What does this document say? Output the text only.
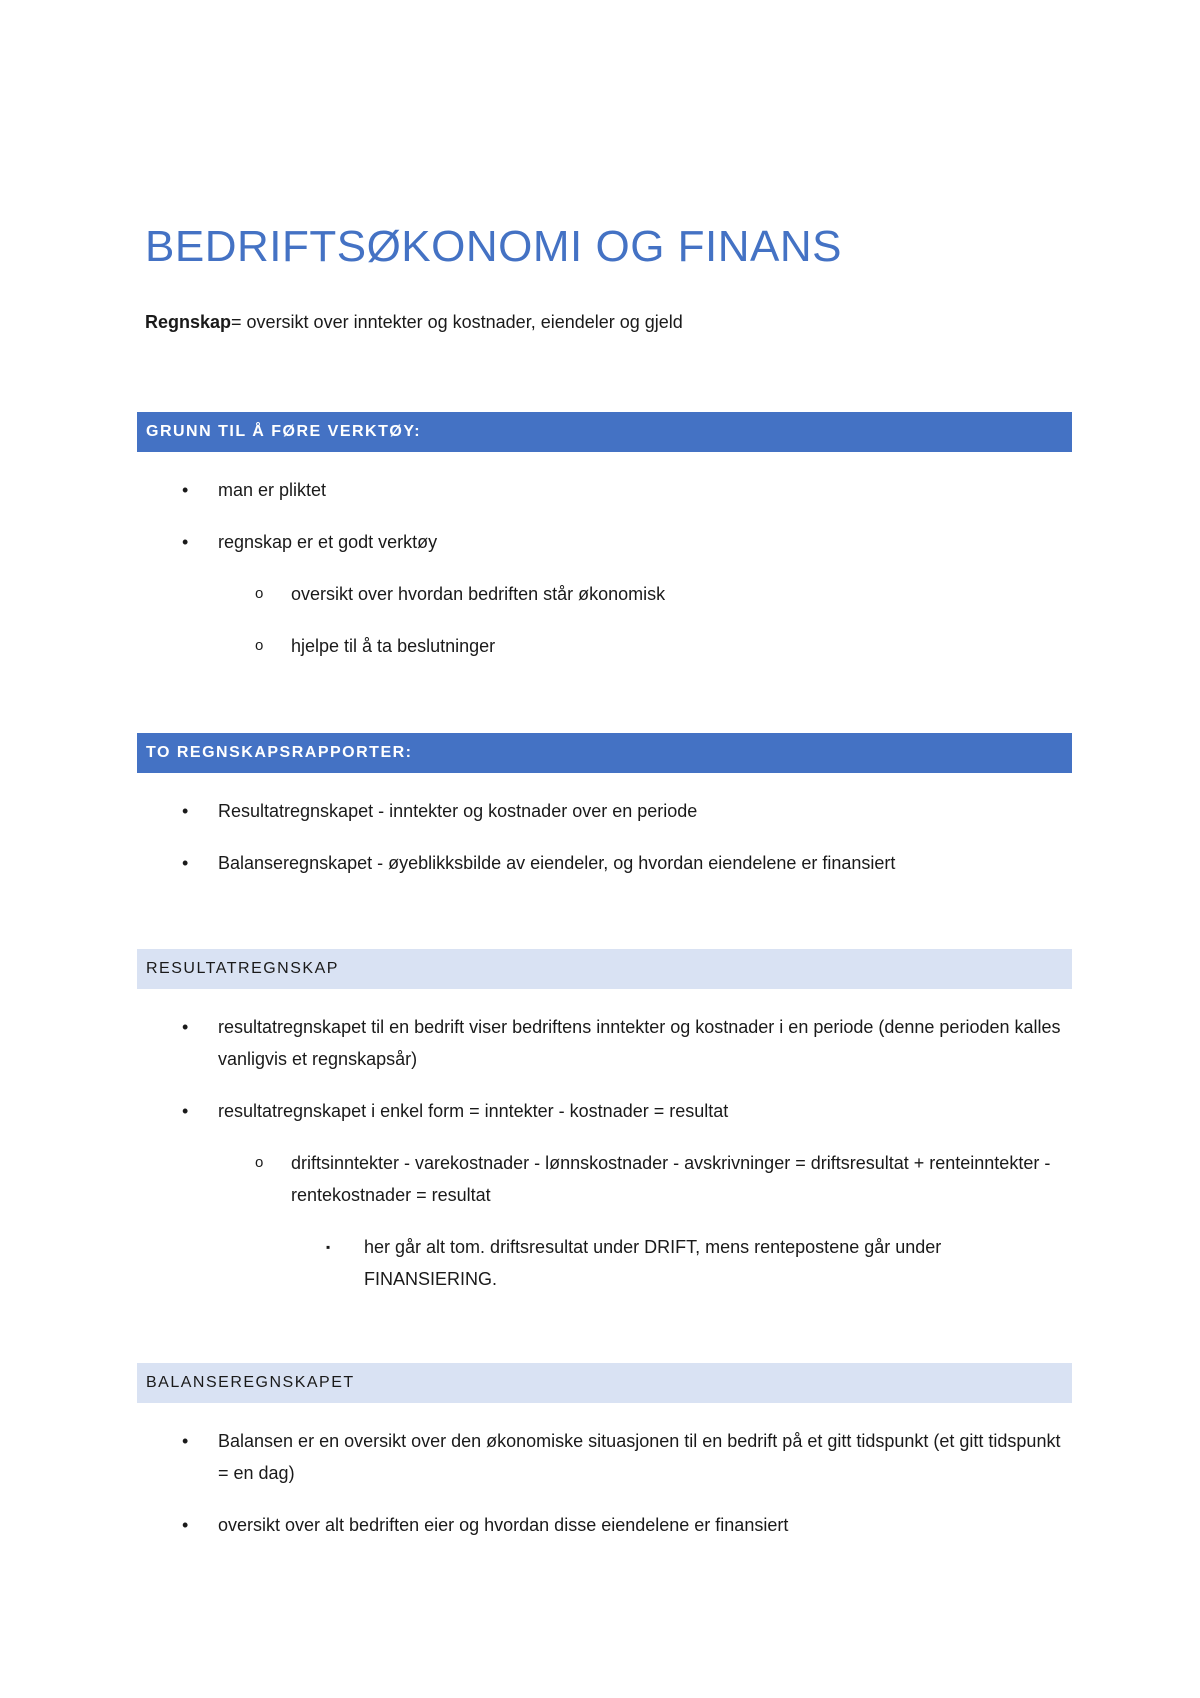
BEDRIFTSØKONOMI OG FINANS
Regnskap= oversikt over inntekter og kostnader, eiendeler og gjeld
GRUNN TIL Å FØRE VERKTØY:
• man er pliktet
• regnskap er et godt verktøy
o oversikt over hvordan bedriften står økonomisk
o hjelpe til å ta beslutninger
TO REGNSKAPSRAPPORTER:
• Resultatregnskapet - inntekter og kostnader over en periode
• Balanseregnskapet - øyeblikksbilde av eiendeler, og hvordan eiendelene er finansiert
RESULTATREGNSKAP
• resultatregnskapet til en bedrift viser bedriftens inntekter og kostnader i en periode (denne perioden kalles vanligvis et regnskapsår)
• resultatregnskapet i enkel form = inntekter - kostnader = resultat
o driftsinntekter - varekostnader - lønnskostnader - avskrivninger = driftsresultat + renteinntekter - rentekostnader = resultat
▪ her går alt tom. driftsresultat under DRIFT, mens rentepostene går under FINANSIERING.
BALANSEREGNSKAPET
• Balansen er en oversikt over den økonomiske situasjonen til en bedrift på et gitt tidspunkt (et gitt tidspunkt = en dag)
• oversikt over alt bedriften eier og hvordan disse eiendelene er finansiert
